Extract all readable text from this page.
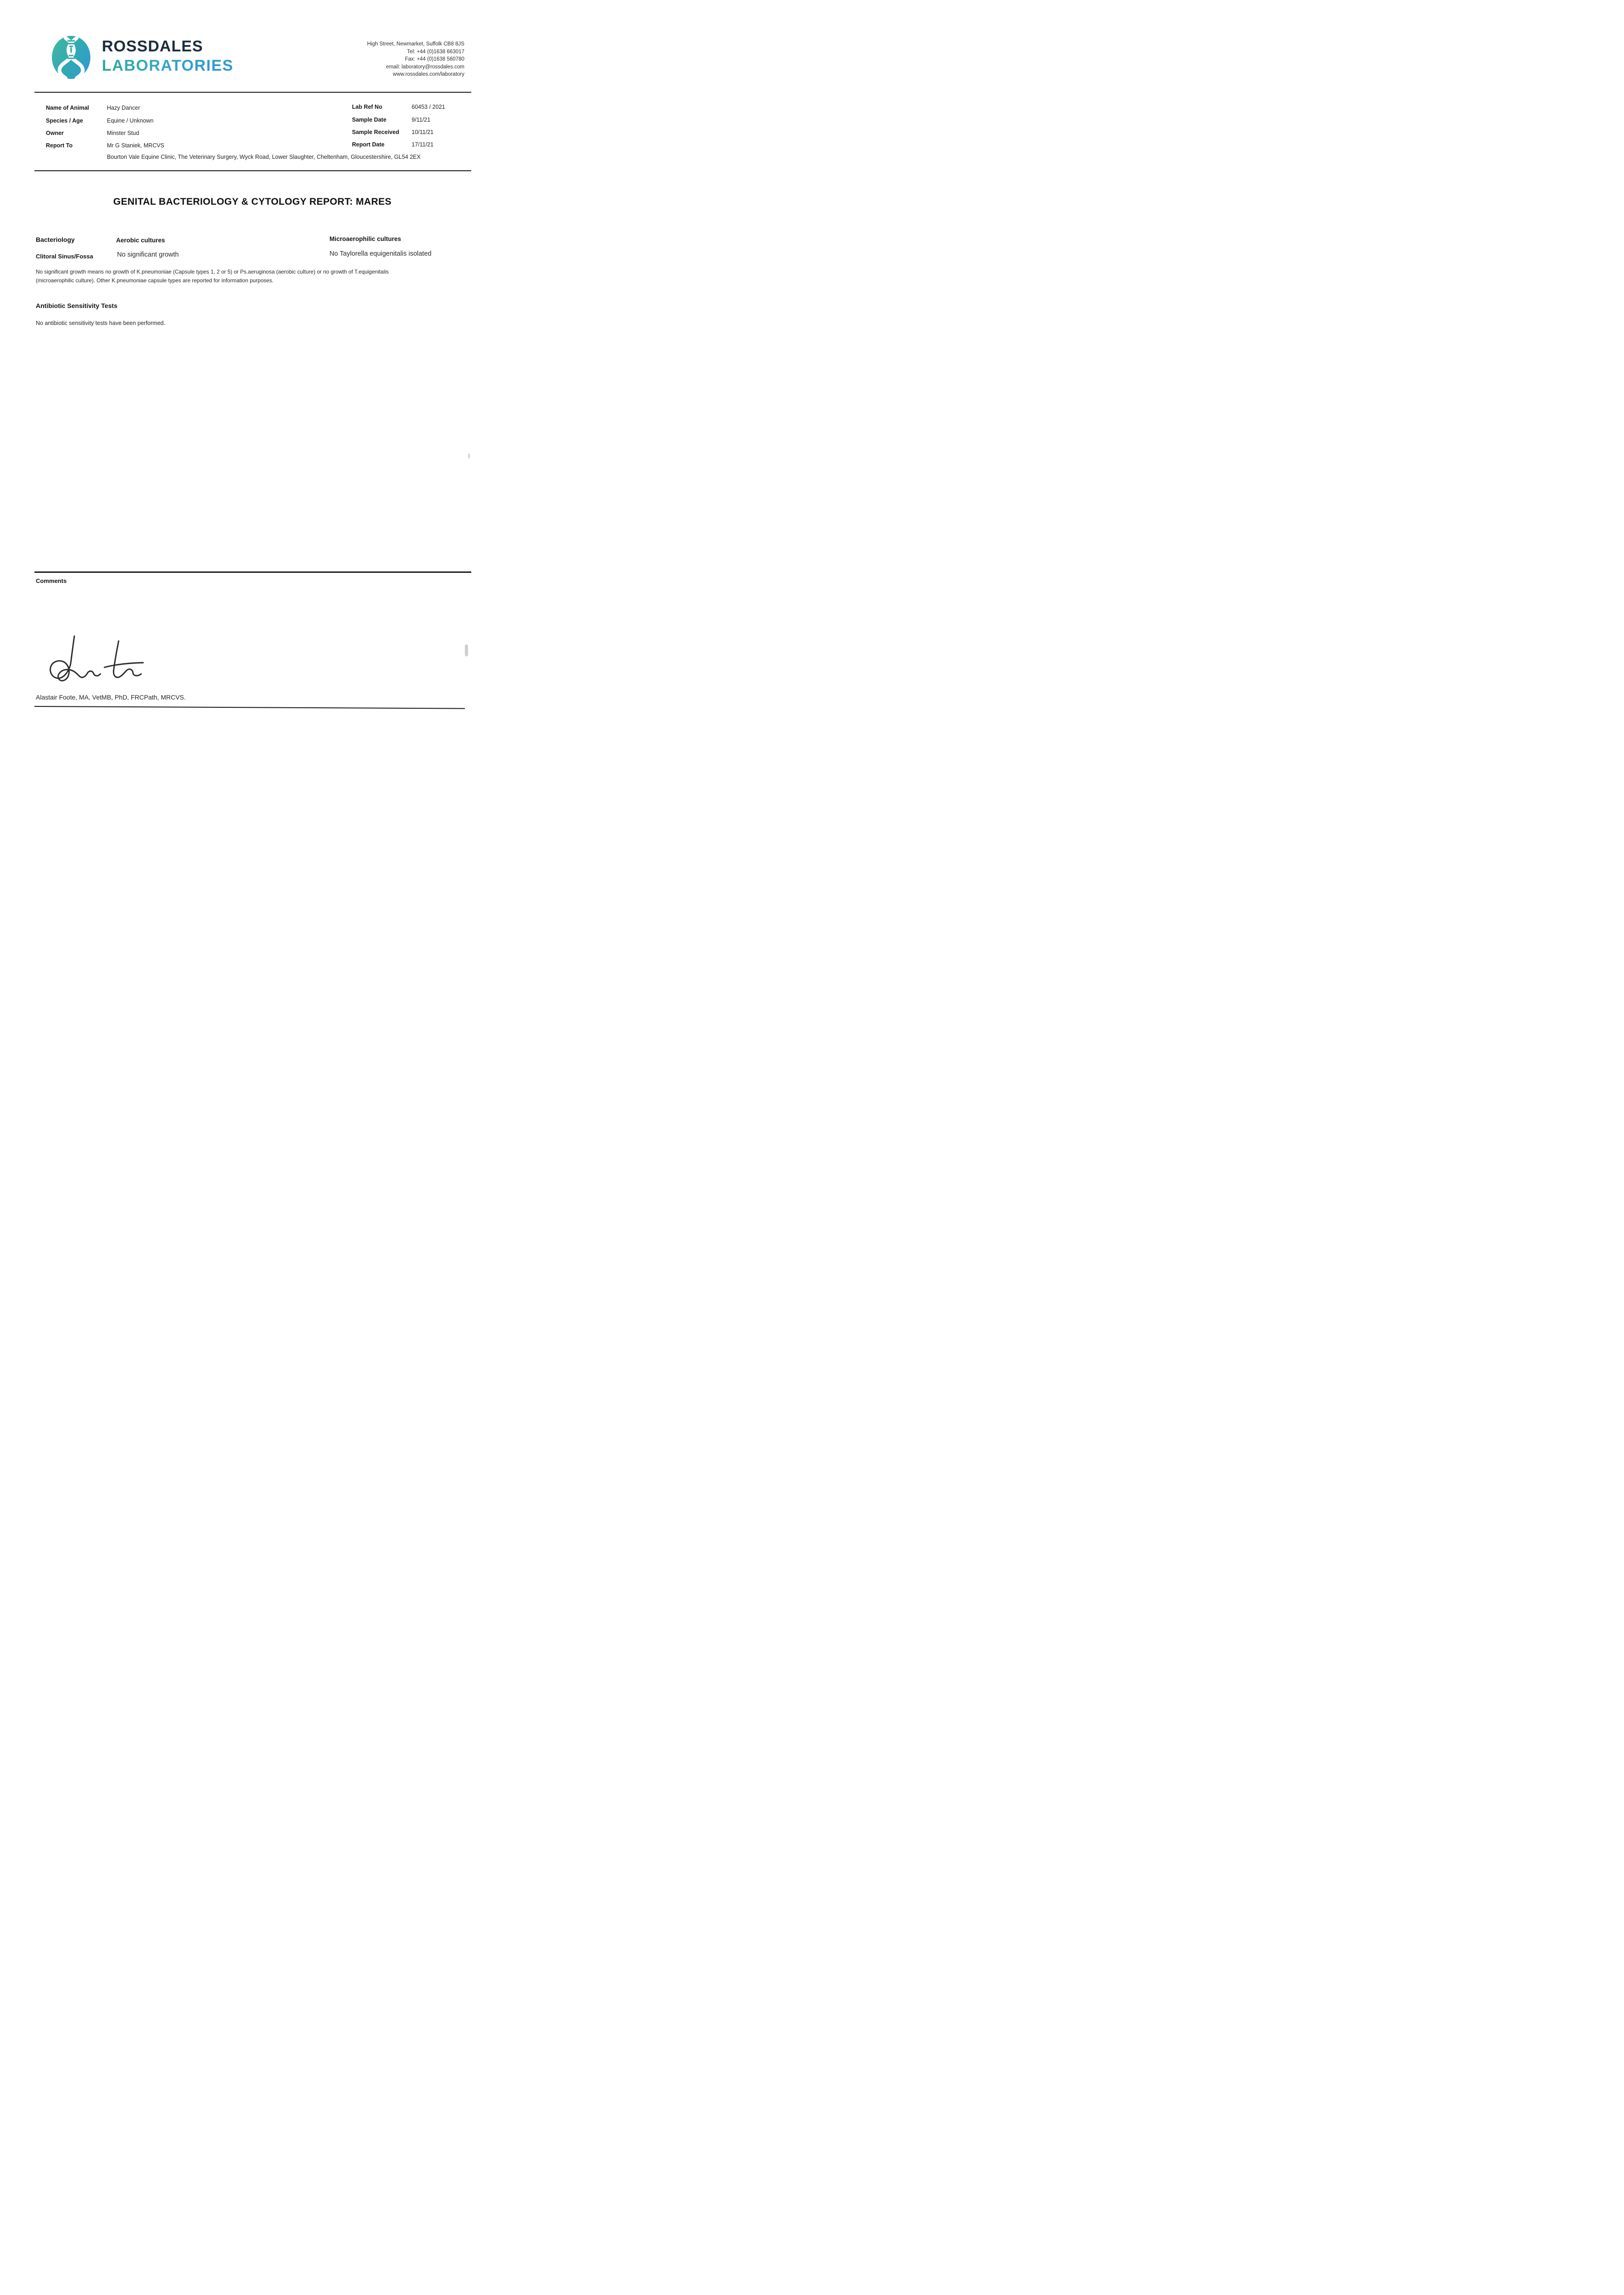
ROSSDALES
LABORATORIES
High Street, Newmarket, Suffolk CB8 8JS
Tel: +44 (0)1638 663017
Fax: +44 (0)1638 560780
email: laboratory@rossdales.com
www.rossdales.com/laboratory
Name of Animal	Hazy Dancer
Species / Age	Equine / Unknown
Owner	Minster Stud
Report To	Mr G Staniek, MRCVS
Lab Ref No	60453 / 2021
Sample Date	9/11/21
Sample Received 10/11/21
Report Date	17/11/21
Bourton Vale Equine Clinic, The Veterinary Surgery, Wyck Road, Lower Slaughter, Cheltenham, Gloucestershire, GL54 2EX
GENITAL BACTERIOLOGY & CYTOLOGY REPORT: MARES
Bacteriology	Aerobic cultures	Microaerophilic cultures
Clitoral Sinus/Fossa	No significant growth	No Taylorella equigenitalis isolated
No significant growth means no growth of K.pneumoniae (Capsule types 1, 2 or 5) or Ps.aeruginosa (aerobic culture) or no growth of T.equigenitalis
(microaerophilic culture). Other K.pneumoniae capsule types are reported for information purposes.
Antibiotic Sensitivity Tests
No antibiotic sensitivity tests have been performed.
Comments
Alastair Foote, MA, VetMB, PhD, FRCPath, MRCVS.
